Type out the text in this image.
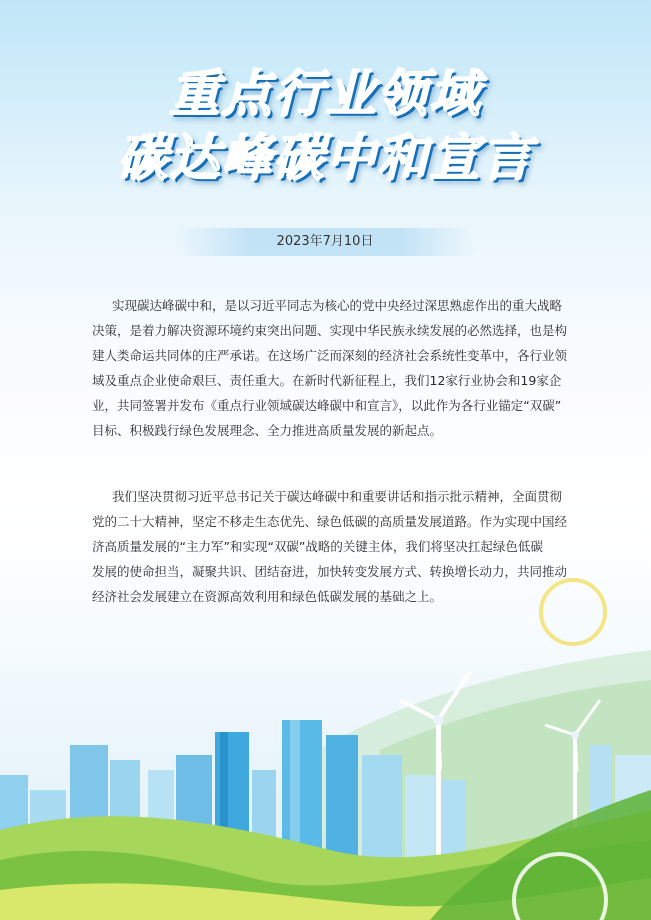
重点行业领域
碳达峰碳中和宣言
2023年7月10日
实现碳达峰碳中和，是以习近平同志为核心的党中央经过深思熟虑作出的重大战略
决策，是着力解决资源环境约束突出问题、实现中华民族永续发展的必然选择，也是构
建人类命运共同体的庄严承诺。在这场广泛而深刻的经济社会系统性变革中，各行业领
域及重点企业使命艰巨、责任重大。在新时代新征程上，我们12家行业协会和19家企
业，共同签署并发布《重点行业领域碳达峰碳中和宣言》，以此作为各行业锚定“双碳”
目标、积极践行绿色发展理念、全力推进高质量发展的新起点。
我们坚决贯彻习近平总书记关于碳达峰碳中和重要讲话和指示批示精神，全面贯彻
党的二十大精神，坚定不移走生态优先、绿色低碳的高质量发展道路。作为实现中国经
济高质量发展的“主力军”和实现“双碳”战略的关键主体，我们将坚决扛起绿色低碳
发展的使命担当，凝聚共识、团结奋进，加快转变发展方式、转换增长动力，共同推动
经济社会发展建立在资源高效利用和绿色低碳发展的基础之上。
